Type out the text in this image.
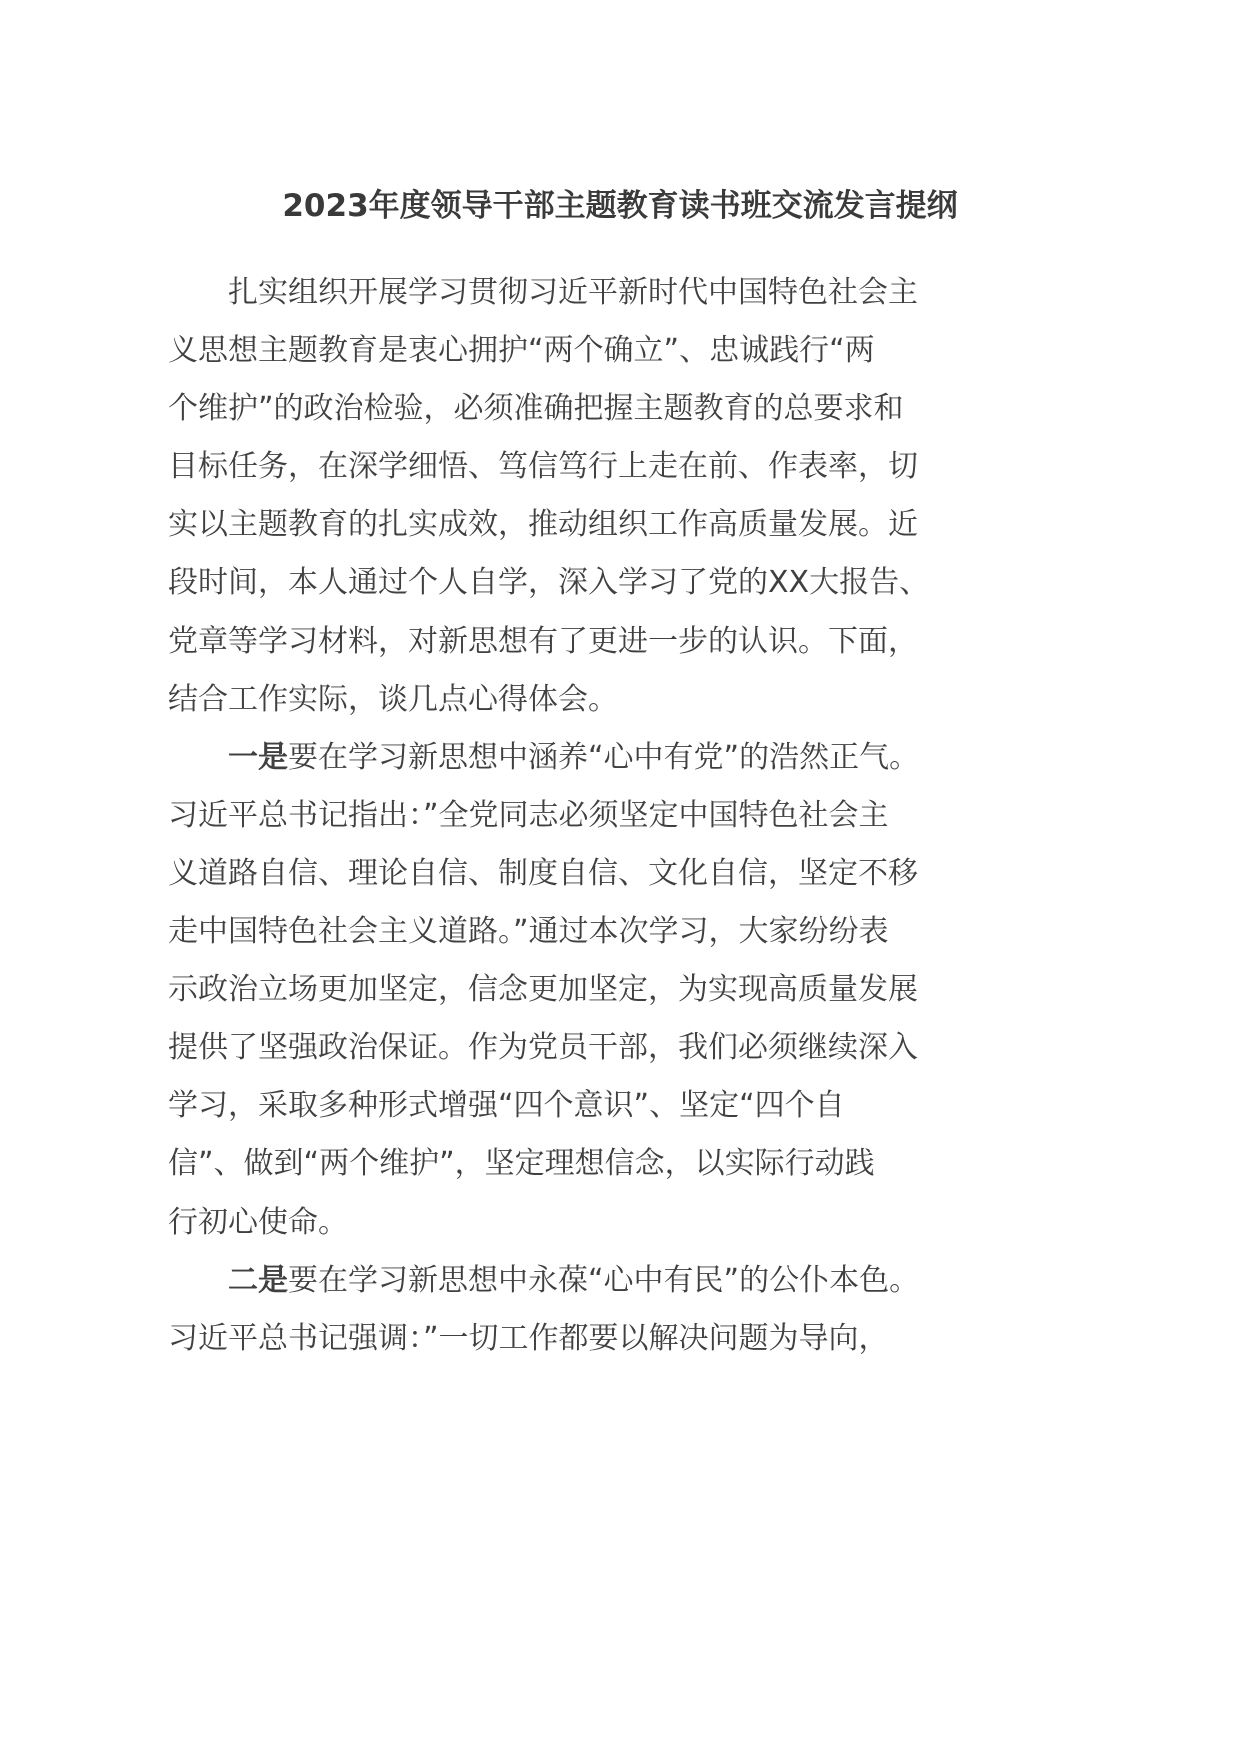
2023年度领导干部主题教育读书班交流发言提纲
扎实组织开展学习贯彻习近平新时代中国特色社会主
义思想主题教育是衷心拥护“两个确立”、忠诚践行“两
个维护”的政治检验，必须准确把握主题教育的总要求和
目标任务，在深学细悟、笃信笃行上走在前、作表率，切
实以主题教育的扎实成效，推动组织工作高质量发展。近
段时间，本人通过个人自学，深入学习了党的XX大报告、
党章等学习材料，对新思想有了更进一步的认识。下面，
结合工作实际，谈几点心得体会。
一是要在学习新思想中涵养“心中有党”的浩然正气。
习近平总书记指出：”全党同志必须坚定中国特色社会主
义道路自信、理论自信、制度自信、文化自信，坚定不移
走中国特色社会主义道路。”通过本次学习，大家纷纷表
示政治立场更加坚定，信念更加坚定，为实现高质量发展
提供了坚强政治保证。作为党员干部，我们必须继续深入
学习，采取多种形式增强“四个意识”、坚定“四个自
信”、做到“两个维护”，坚定理想信念，以实际行动践
行初心使命。
二是要在学习新思想中永葆“心中有民”的公仆本色。
习近平总书记强调：”一切工作都要以解决问题为导向，
